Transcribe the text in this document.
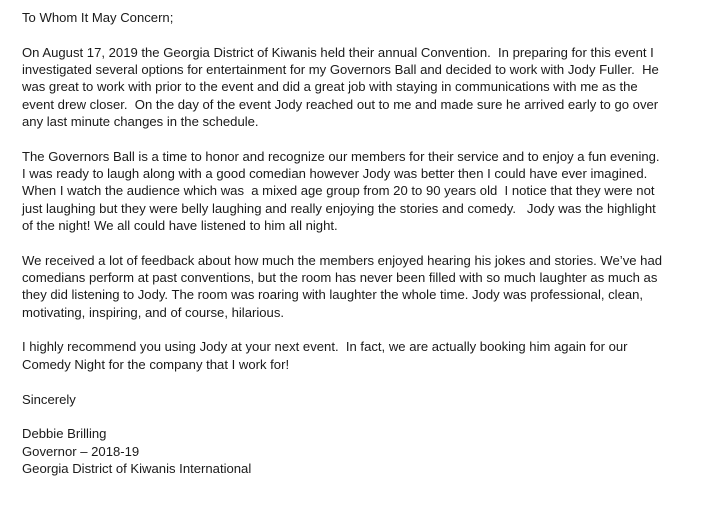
To Whom It May Concern;
On August 17, 2019 the Georgia District of Kiwanis held their annual Convention.  In preparing for this event I
investigated several options for entertainment for my Governors Ball and decided to work with Jody Fuller.  He
was great to work with prior to the event and did a great job with staying in communications with me as the
event drew closer.  On the day of the event Jody reached out to me and made sure he arrived early to go over
any last minute changes in the schedule.
The Governors Ball is a time to honor and recognize our members for their service and to enjoy a fun evening.
I was ready to laugh along with a good comedian however Jody was better then I could have ever imagined.
When I watch the audience which was  a mixed age group from 20 to 90 years old  I notice that they were not
just laughing but they were belly laughing and really enjoying the stories and comedy.   Jody was the highlight
of the night! We all could have listened to him all night.
We received a lot of feedback about how much the members enjoyed hearing his jokes and stories. We’ve had
comedians perform at past conventions, but the room has never been filled with so much laughter as much as
they did listening to Jody. The room was roaring with laughter the whole time. Jody was professional, clean,
motivating, inspiring, and of course, hilarious.
I highly recommend you using Jody at your next event.  In fact, we are actually booking him again for our
Comedy Night for the company that I work for!
Sincerely
Debbie Brilling
Governor – 2018-19
Georgia District of Kiwanis International
